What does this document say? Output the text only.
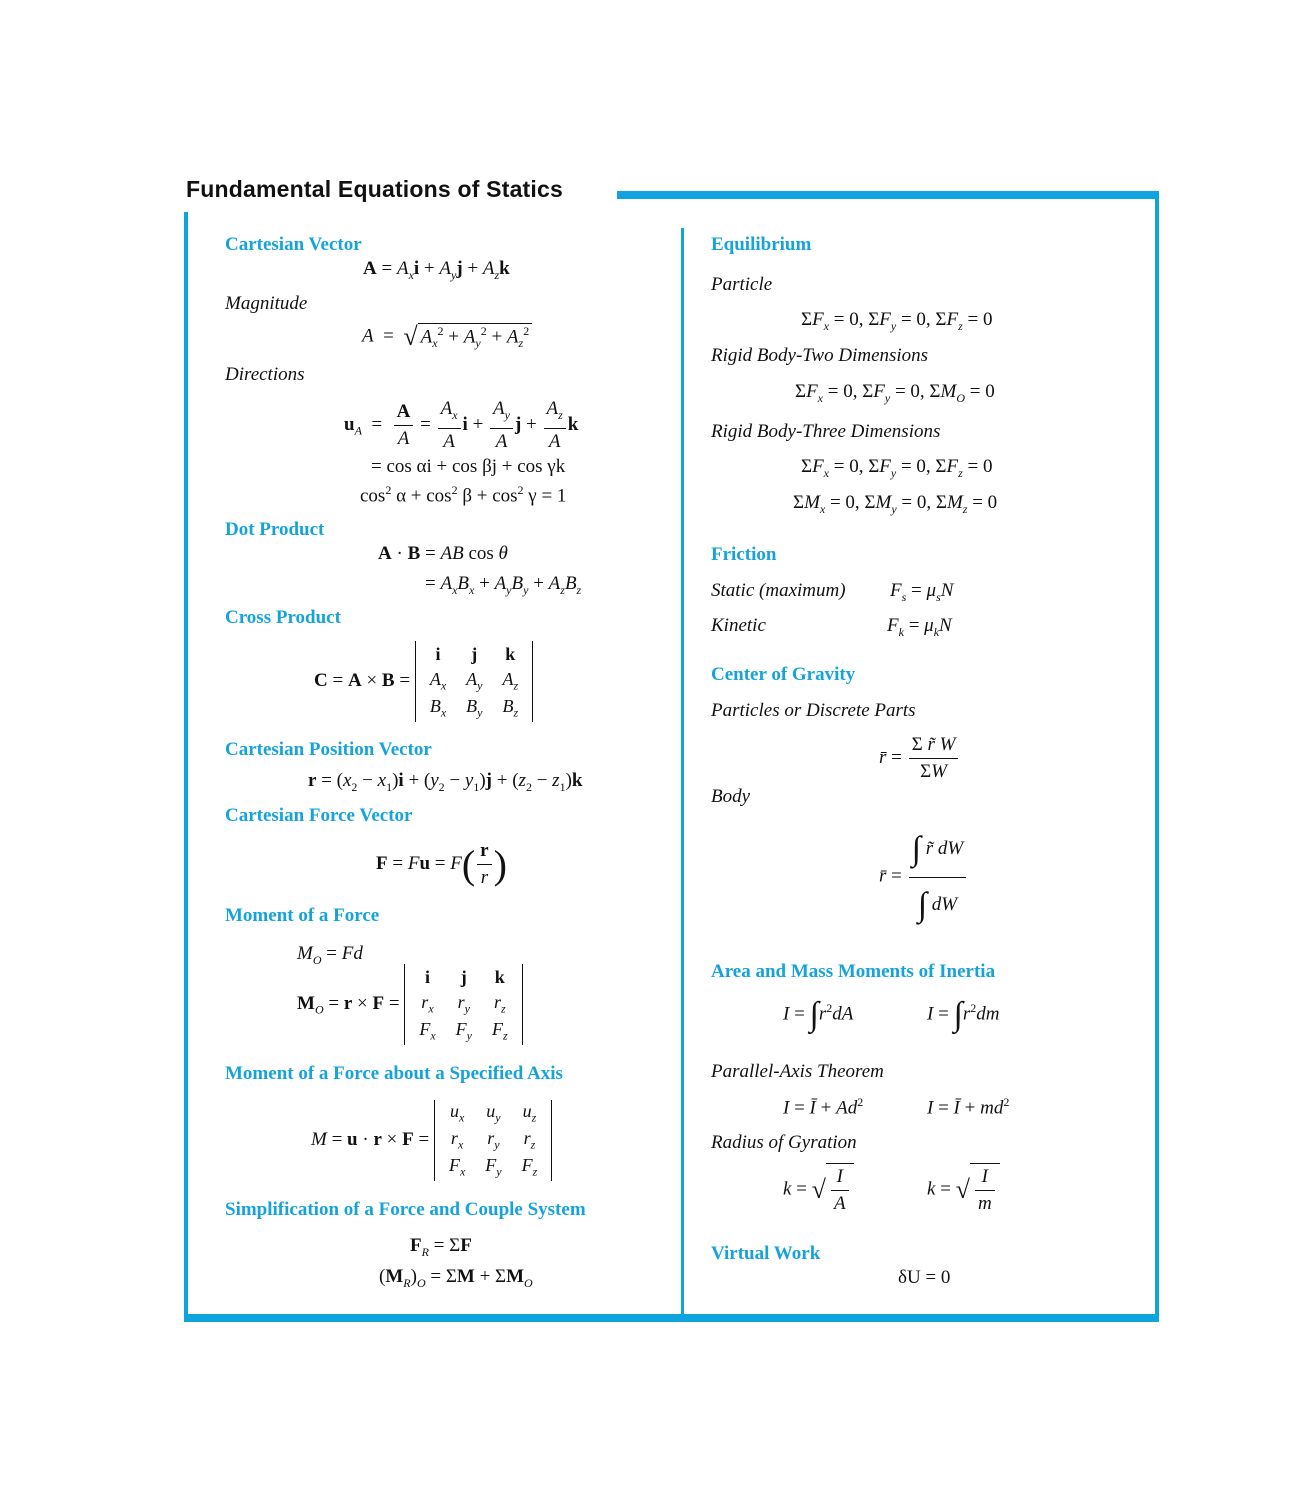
Fundamental Equations of Statics
Cartesian Vector
$A = A_xi + A_yj + A_zk$
Magnitude
A  =  √ $A_x^2 + A_y^2 + A_z^2$
Directions
$u_A = \frac{A}{A} = \frac{A_x}{A}$ $i + \frac{A_y}{A}$ $j + \frac{A_z}{A}$ k
= cos αi + cos βj + cos γk
$\cos^2 \alpha + \cos^2 \beta + \cos^2 \gamma = 1$
Dot Product
A · B = AB cos θ
= $A_xB_x + A_yB_y + A_zB_z$
Cross Product
C = A × B =
i	j	k
$A_x$	$A_y$	$A_z$
$B_x$	$B_y$	$B_z$
Cartesian Position Vector
$r = (x_2 - x_1)i + (y_2 - y_1)j + (z_2 - z_1)k$
Cartesian Force Vector
$F = Fu = F( \frac{r}{r}$ )
Moment of a Force
$M_O = Fd$
$M_O = r \times F$ =
i	j	k
$r_x$	$r_y$	$r_z$
$F_x$	$F_y$	$F_z$
Moment of a Force about a Specified Axis
M = u · r × F =
$u_x$	$u_y$	$u_z$
$r_x$	$r_y$	$r_z$
$F_x$	$F_y$	$F_z$
Simplification of a Force and Couple System
$F_R = \Sigma F$
$(M_R)_O = \Sigma M + \Sigma M_O$
Equilibrium
Particle
$\Sigma F_x = 0$, $\Sigma F_y = 0$, $\Sigma F_z = 0$
Rigid Body-Two Dimensions
$\Sigma F_x = 0$, $\Sigma F_y = 0$, $\Sigma M_O = 0$
Rigid Body-Three Dimensions
$\Sigma F_x = 0$, $\Sigma F_y = 0$, $\Sigma F_z = 0$
$\Sigma M_x = 0$, $\Sigma M_y = 0$, $\Sigma M_z = 0$
Friction
Static (maximum) $F_s = \mu_sN$
Kinetic	$F_k = \mu_kN$
Center of Gravity
Particles or Discrete Parts
r̄ = $\frac{\text{Σ r̃ W}}{\Sigma W}$
Body
r̄ = $\frac{\int r̃ dW}{\int dW}$
Area and Mass Moments of Inertia
$I = \int r^2dA$	$I = \int r^2dm$
Parallel-Axis Theorem
I = Ī + $Ad^2$	I = Ī + $md^2$
Radius of Gyration
k = √ $\frac{I}{A}$	k = √ $\frac{I}{m}$
Virtual Work
δU = 0
